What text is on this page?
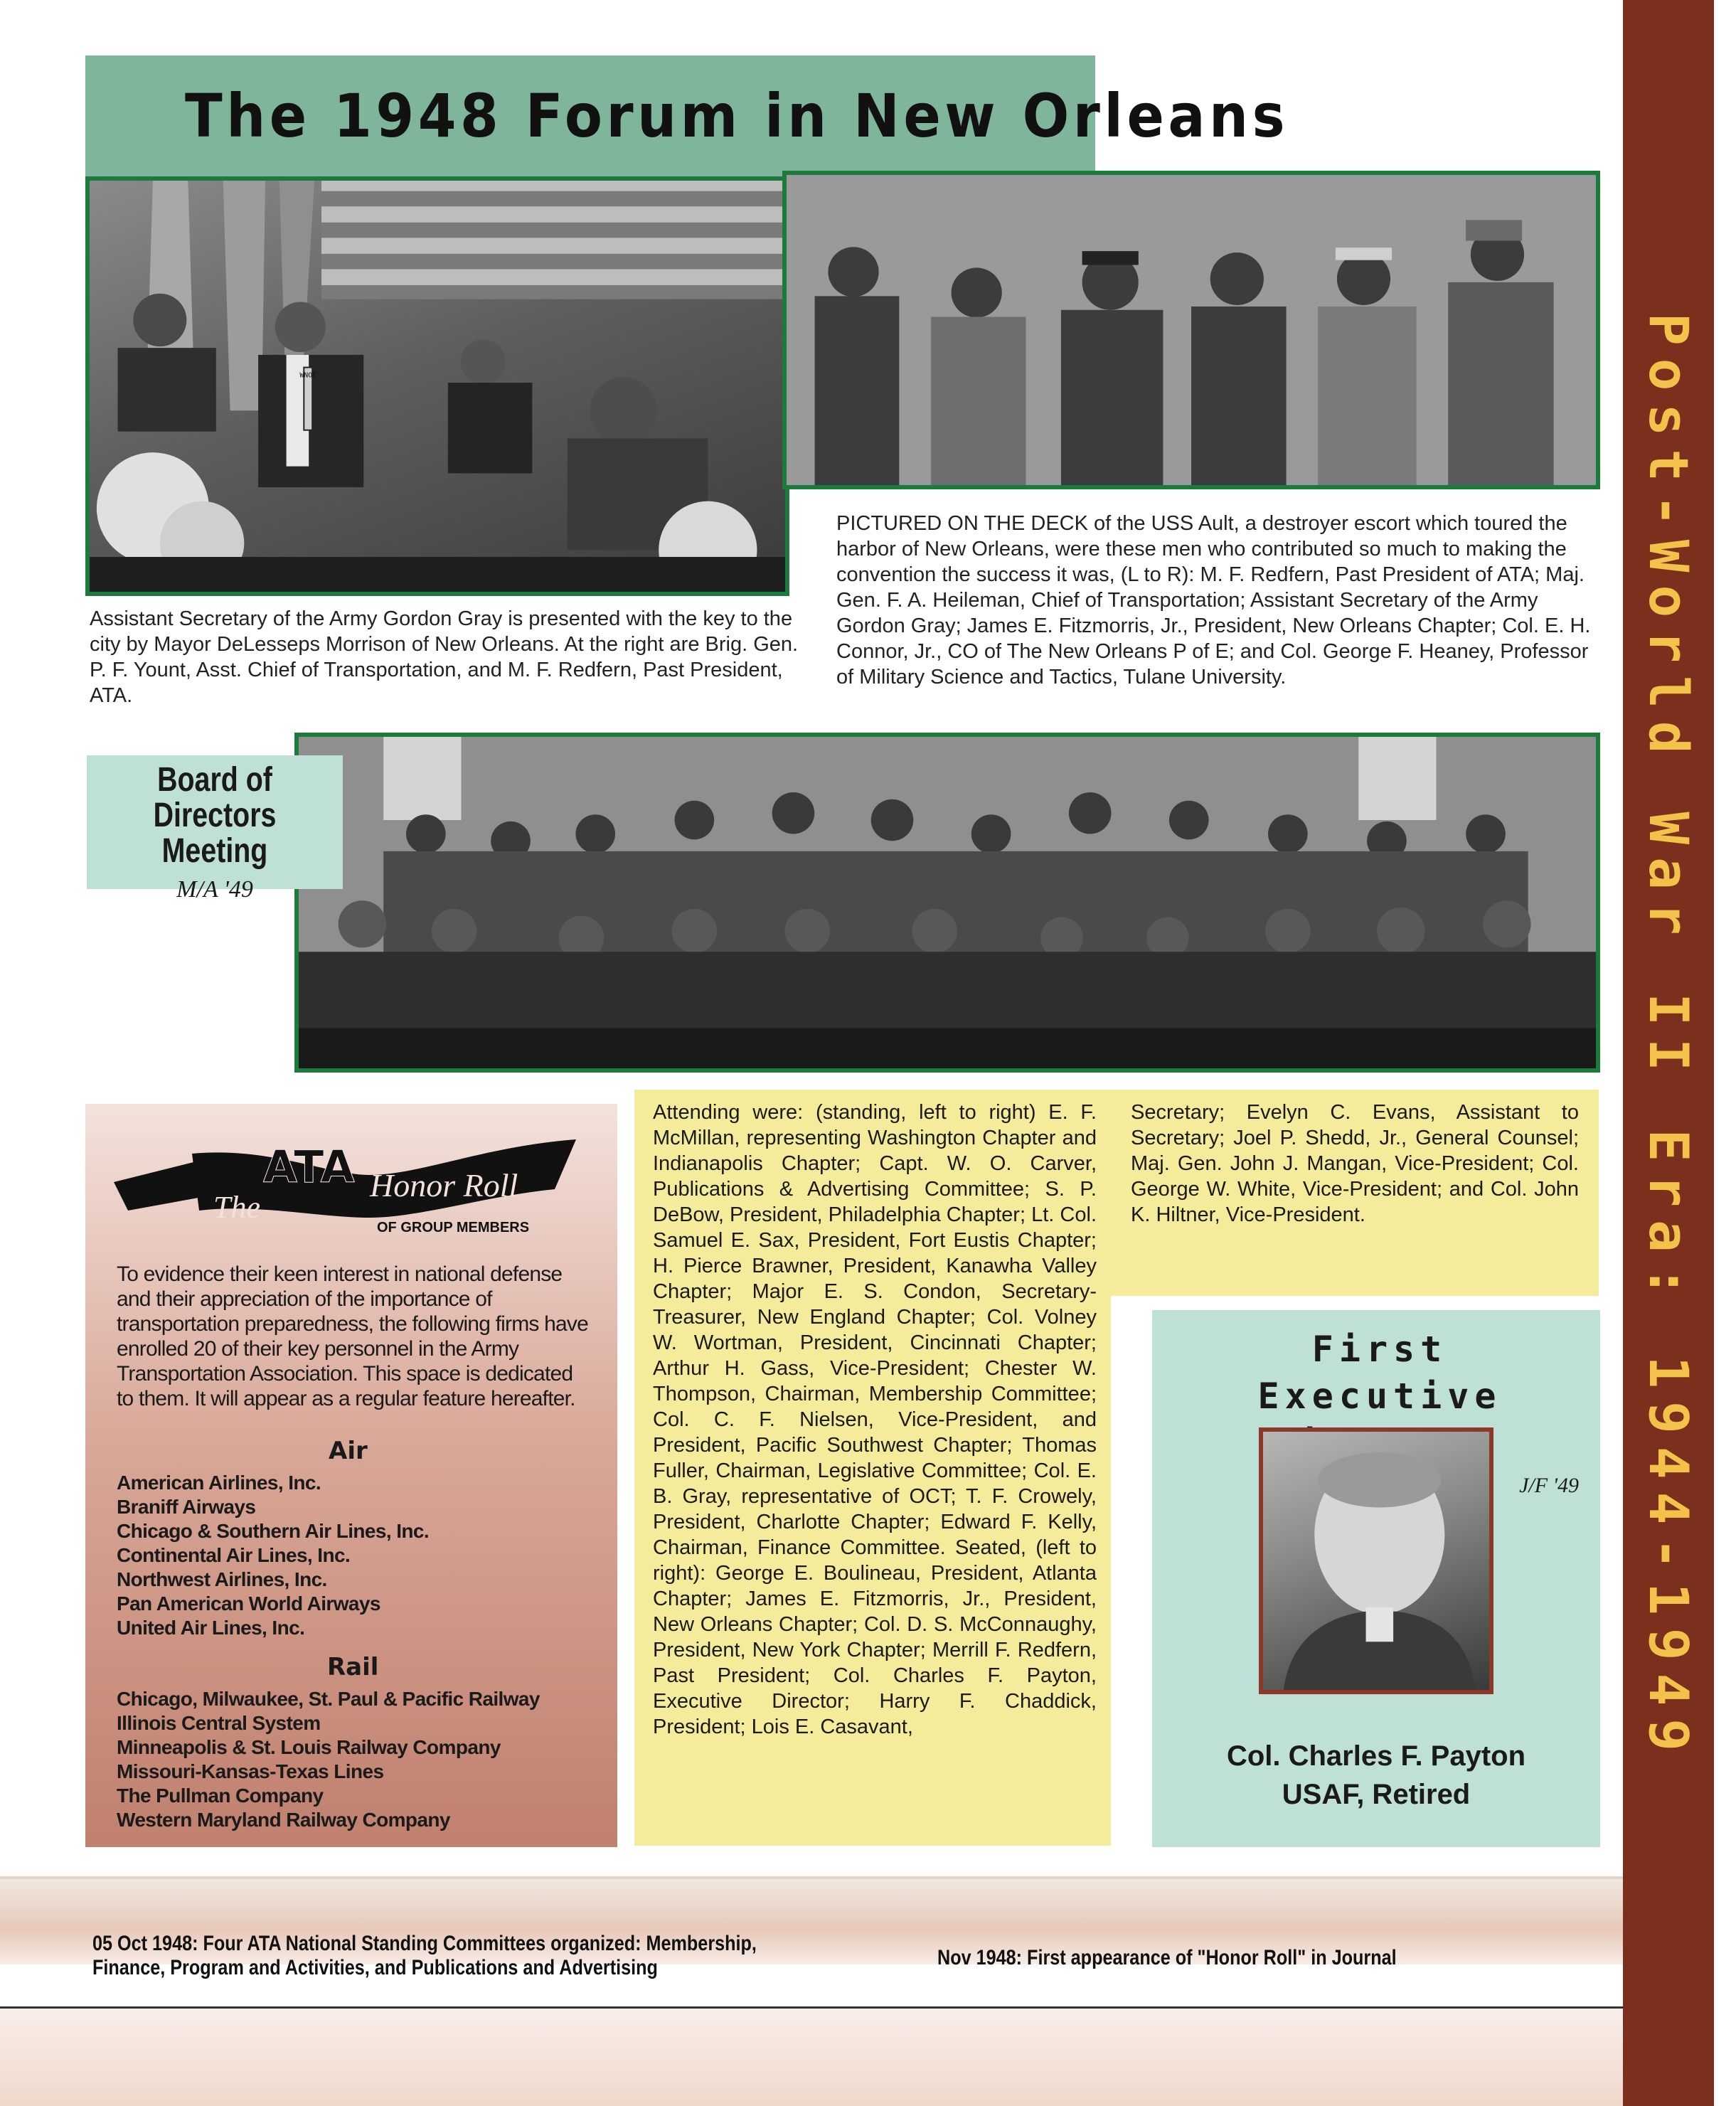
The 1948 Forum in New Orleans
WNOE
Assistant Secretary of the Army Gordon Gray is presented with the key to the city by Mayor DeLesseps Morrison of New Orleans. At the right are Brig. Gen. P. F. Yount, Asst. Chief of Transportation, and M. F. Redfern, Past President, ATA.
PICTURED ON THE DECK of the USS Ault, a destroyer escort which toured the harbor of New Orleans, were these men who contributed so much to making the convention the success it was, (L to R): M. F. Redfern, Past President of ATA; Maj. Gen. F. A. Heileman, Chief of Transportation; Assistant Secretary of the Army Gordon Gray; James E. Fitzmorris, Jr., President, New Orleans Chapter; Col. E. H. Connor, Jr., CO of The New Orleans P of E; and Col. George F. Heaney, Professor of Military Science and Tactics, Tulane University.
Board of Directors
Meeting
M/A '49
ATA
The
Honor Roll
OF GROUP MEMBERS
To evidence their keen interest in national defense and their appreciation of the importance of transportation preparedness, the following firms have enrolled 20 of their key personnel in the Army Transportation Association. This space is dedicated to them. It will appear as a regular feature hereafter.
Air
American Airlines, Inc.
Braniff Airways
Chicago & Southern Air Lines, Inc.
Continental Air Lines, Inc.
Northwest Airlines, Inc.
Pan American World Airways
United Air Lines, Inc.
Rail
Chicago, Milwaukee, St. Paul & Pacific Railway
Illinois Central System
Minneapolis & St. Louis Railway Company
Missouri-Kansas-Texas Lines
The Pullman Company
Western Maryland Railway Company
Attending were: (standing, left to right) E. F. McMillan, representing Washington Chapter and Indianapolis Chapter; Capt. W. O. Carver, Publications & Advertising Committee; S. P. DeBow, President, Philadelphia Chapter; Lt. Col. Samuel E. Sax, President, Fort Eustis Chapter; H. Pierce Brawner, President, Kanawha Valley Chapter; Major E. S. Condon, Secretary-Treasurer, New England Chapter; Col. Volney W. Wortman, President, Cincinnati Chapter; Arthur H. Gass, Vice-President; Chester W. Thompson, Chairman, Membership Committee; Col. C. F. Nielsen, Vice-President, and President, Pacific Southwest Chapter; Thomas Fuller, Chairman, Legislative Committee; Col. E. B. Gray, representative of OCT; T. F. Crowely, President, Charlotte Chapter; Edward F. Kelly, Chairman, Finance Committee. Seated, (left to right): George E. Boulineau, President, Atlanta Chapter; James E. Fitzmorris, Jr., President, New Orleans Chapter; Col. D. S. McConnaughy, President, New York Chapter; Merrill F. Redfern, Past President; Col. Charles F. Payton, Executive Director; Harry F. Chaddick, President; Lois E. Casavant,
Secretary; Evelyn C. Evans, Assistant to Secretary; Joel P. Shedd, Jr., General Counsel; Maj. Gen. John J. Mangan, Vice-President; Col. George W. White, Vice-President; and Col. John K. Hiltner, Vice-President.
First Executive
J/F '49
Col. Charles F. Payton
USAF, Retired
Post-World War II Era: 1944-1949
05 Oct 1948: Four ATA National Standing Committees organized: Membership,
Finance, Program and Activities, and Publications and Advertising	Nov 1948: First appearance of "Honor Roll" in Journal
